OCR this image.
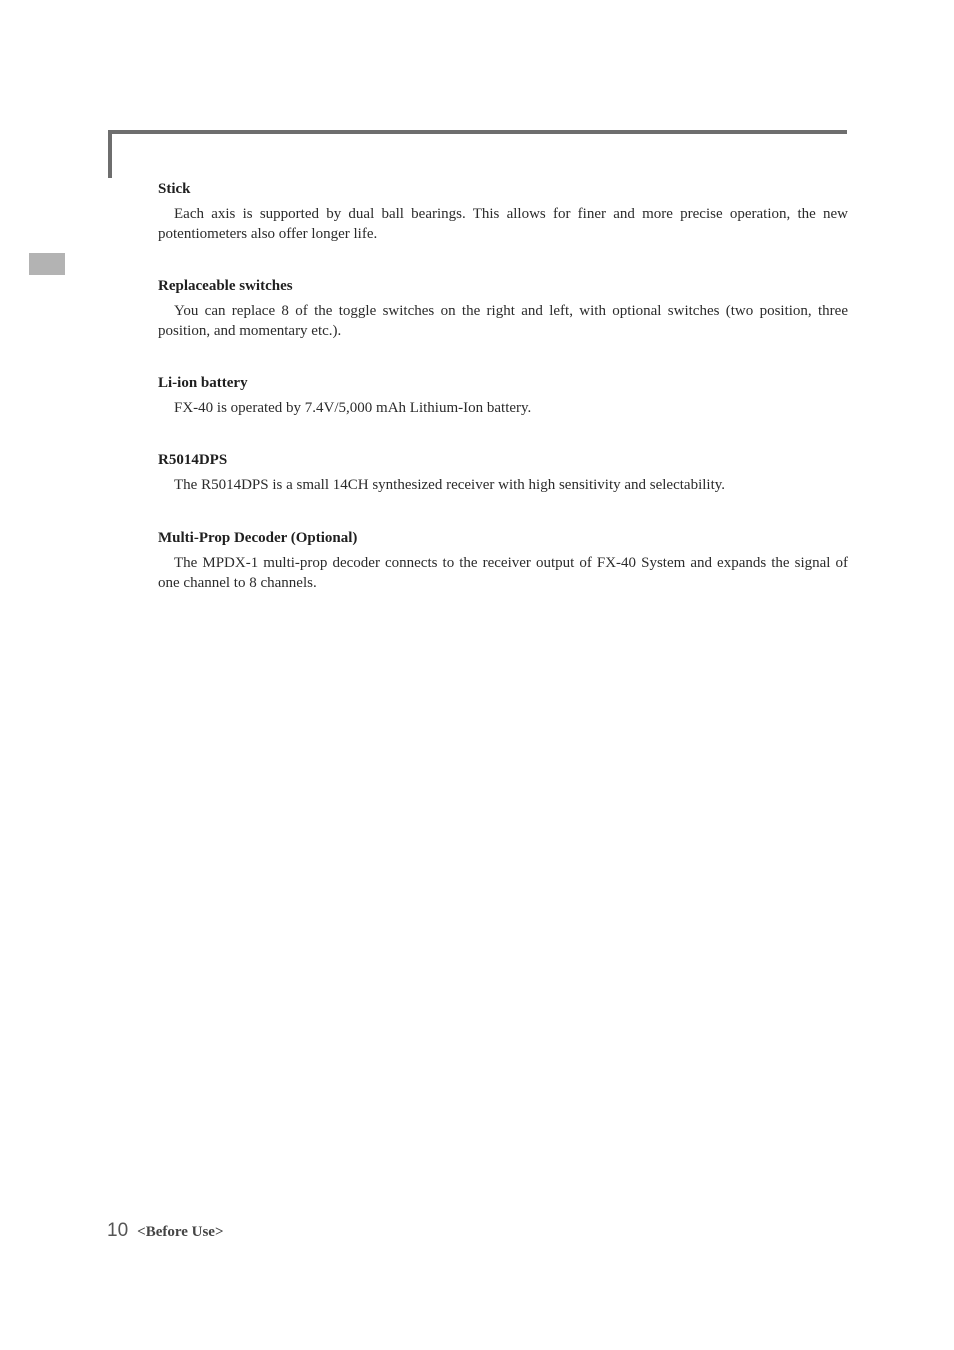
Stick

Each axis is supported by dual ball bearings. This allows for finer and more precise operation, the new potentiometers also offer longer life.

Replaceable switches

You can replace 8 of the toggle switches on the right and left, with optional switches (two position, three position, and momentary etc.).

Li-ion battery

FX-40 is operated by 7.4V/5,000 mAh Lithium-Ion battery.

R5014DPS

The R5014DPS is a small 14CH synthesized receiver with high sensitivity and selectability.

Multi-Prop Decoder (Optional)

The MPDX-1 multi-prop decoder connects to the receiver output of FX-40 System and expands the signal of one channel to 8 channels.

10 <Before Use>
